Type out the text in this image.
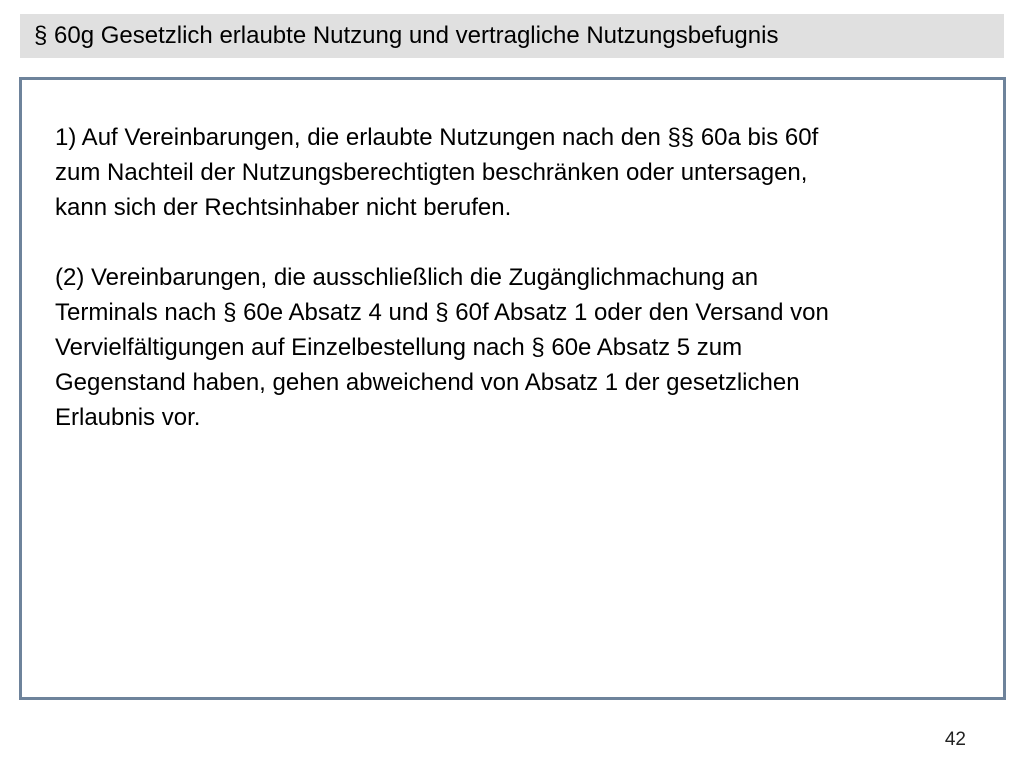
§ 60g Gesetzlich erlaubte Nutzung und vertragliche Nutzungsbefugnis

1) Auf Vereinbarungen, die erlaubte Nutzungen nach den §§ 60a bis 60f
zum Nachteil der Nutzungsberechtigten beschränken oder untersagen,
kann sich der Rechtsinhaber nicht berufen.

(2) Vereinbarungen, die ausschließlich die Zugänglichmachung an
Terminals nach § 60e Absatz 4 und § 60f Absatz 1 oder den Versand von
Vervielfältigungen auf Einzelbestellung nach § 60e Absatz 5 zum
Gegenstand haben, gehen abweichend von Absatz 1 der gesetzlichen
Erlaubnis vor.

42
